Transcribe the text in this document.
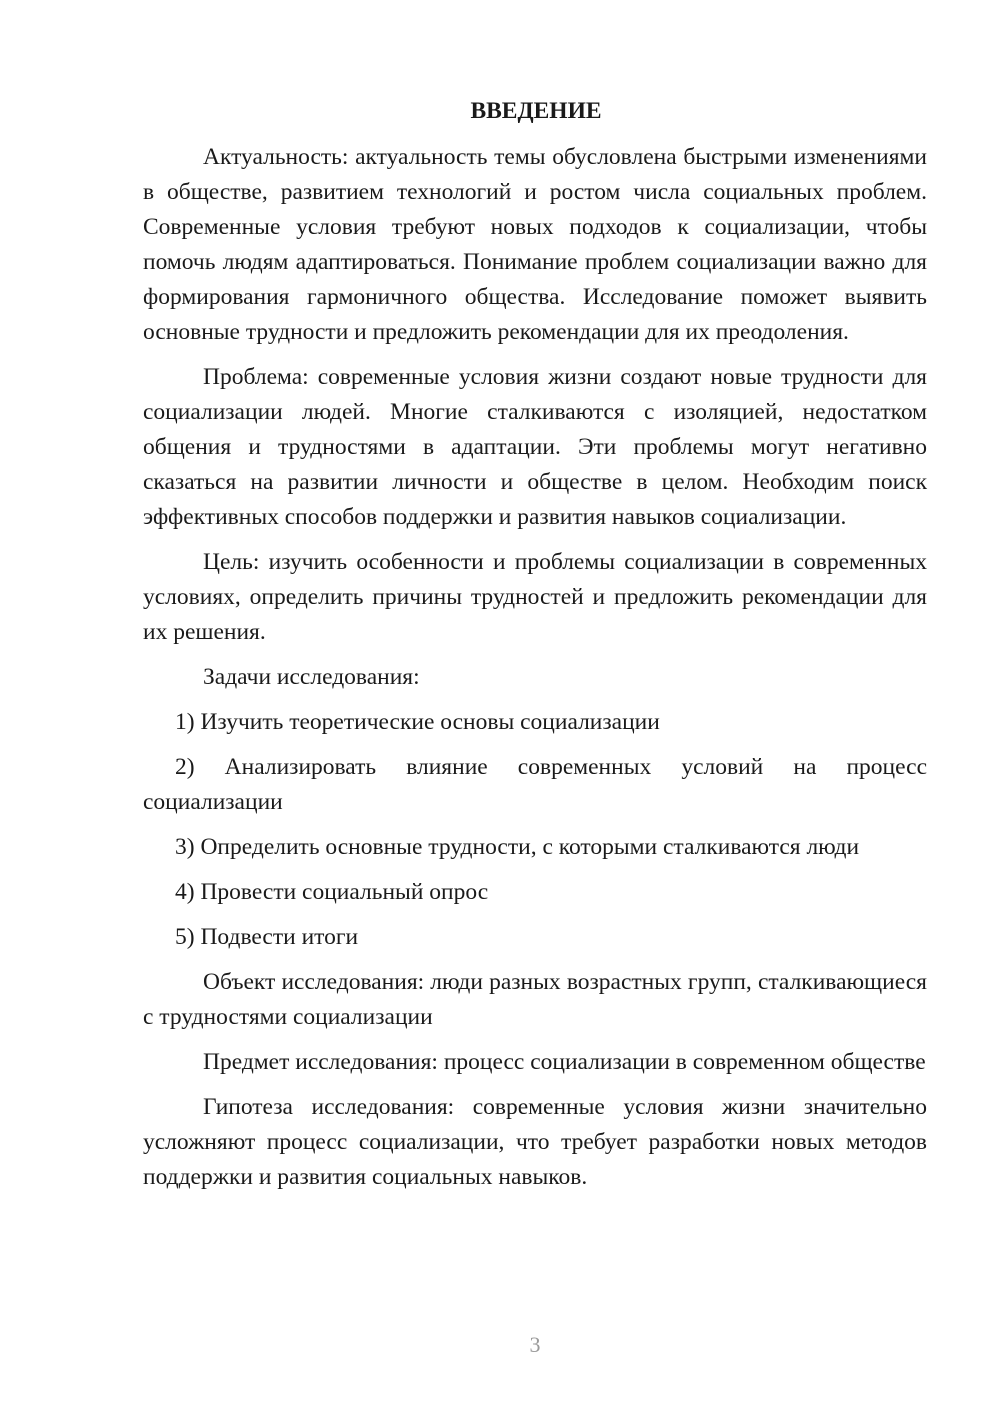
ВВЕДЕНИЕ

Актуальность: актуальность темы обусловлена быстрыми изменениями в обществе, развитием технологий и ростом числа социальных проблем. Современные условия требуют новых подходов к социализации, чтобы помочь людям адаптироваться. Понимание проблем социализации важно для формирования гармоничного общества. Исследование поможет выявить основные трудности и предложить рекомендации для их преодоления.

Проблема: современные условия жизни создают новые трудности для социализации людей. Многие сталкиваются с изоляцией, недостатком общения и трудностями в адаптации. Эти проблемы могут негативно сказаться на развитии личности и обществе в целом. Необходим поиск эффективных способов поддержки и развития навыков социализации.

Цель: изучить особенности и проблемы социализации в современных условиях, определить причины трудностей и предложить рекомендации для их решения.

Задачи исследования:

1) Изучить теоретические основы социализации

2) Анализировать влияние современных условий на процесс социализации

3) Определить основные трудности, с которыми сталкиваются люди

4) Провести социальный опрос

5) Подвести итоги

Объект исследования: люди разных возрастных групп, сталкивающиеся с трудностями социализации

Предмет исследования: процесс социализации в современном обществе

Гипотеза исследования: современные условия жизни значительно усложняют процесс социализации, что требует разработки новых методов поддержки и развития социальных навыков.

3
